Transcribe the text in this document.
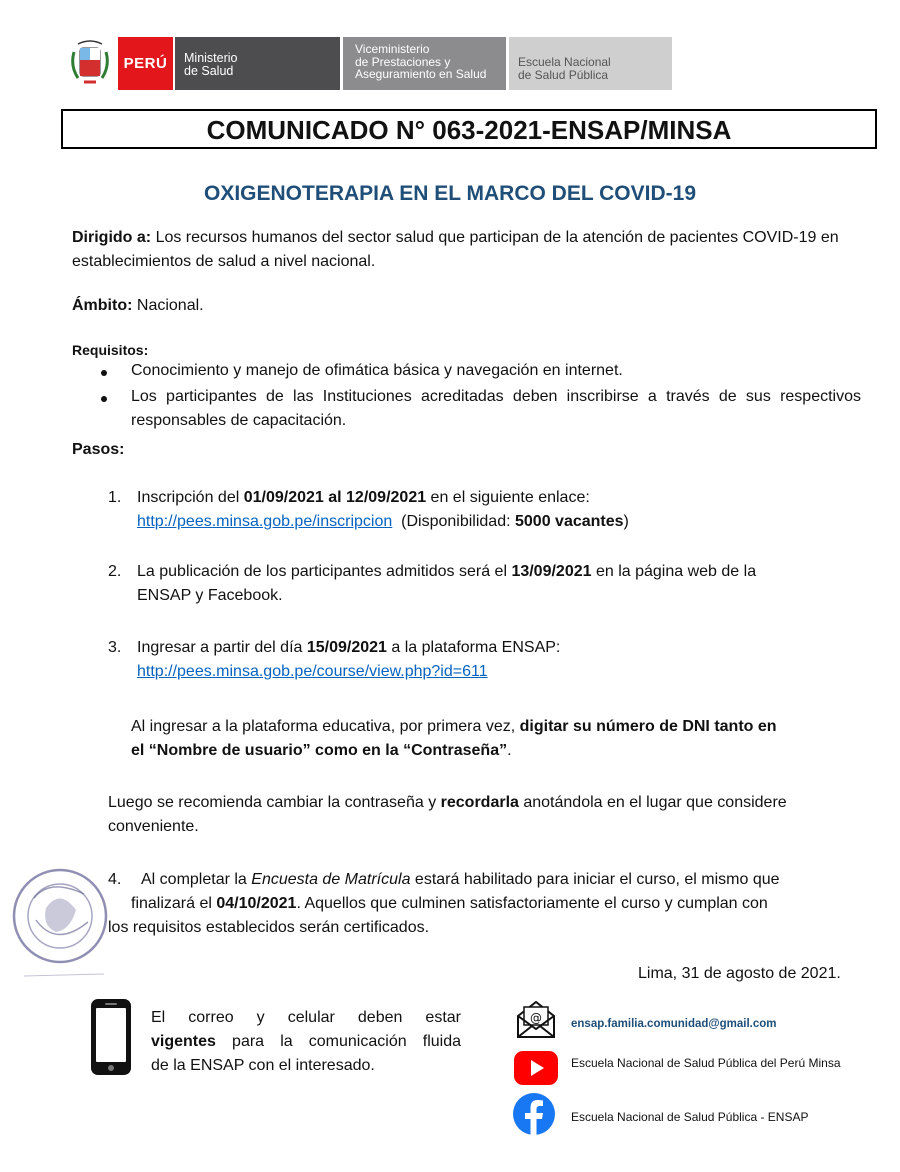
PERÚ	Ministerio
de Salud
Viceministerio
de Prestaciones y
Aseguramiento en Salud
Escuela Nacional
de Salud Pública
COMUNICADO N° 063-2021-ENSAP/MINSA
OXIGENOTERAPIA EN EL MARCO DEL COVID-19
Dirigido a: Los recursos humanos del sector salud que participan de la atención de pacientes COVID-19 en
establecimientos de salud a nivel nacional.
Ámbito: Nacional.
Requisitos:
Conocimiento y manejo de ofimática básica y navegación en internet.
Los participantes de las Instituciones acreditadas deben inscribirse a través de sus respectivos
responsables de capacitación.
Pasos:
1. Inscripción del 01/09/2021 al 12/09/2021 en el siguiente enlace:
http://pees.minsa.gob.pe/inscripcion (Disponibilidad: 5000 vacantes)
2. La publicación de los participantes admitidos será el 13/09/2021 en la página web de la
ENSAP y Facebook.
3. Ingresar a partir del día 15/09/2021 a la plataforma ENSAP:
http://pees.minsa.gob.pe/course/view.php?id=611
Al ingresar a la plataforma educativa, por primera vez, digitar su número de DNI tanto en
el “Nombre de usuario” como en la “Contraseña”.
Luego se recomienda cambiar la contraseña y recordarla anotándola en el lugar que considere
conveniente.
4. Al completar la Encuesta de Matrícula estará habilitado para iniciar el curso, el mismo que
finalizará el 04/10/2021. Aquellos que culminen satisfactoriamente el curso y cumplan con
los requisitos establecidos serán certificados.
Lima, 31 de agosto de 2021.
El correo y celular deben estar
vigentes para la comunicación fluida
de la ENSAP con el interesado.
@	ensap.familia.comunidad@gmail.com
Escuela Nacional de Salud Pública del Perú Minsa
Escuela Nacional de Salud Pública - ENSAP
